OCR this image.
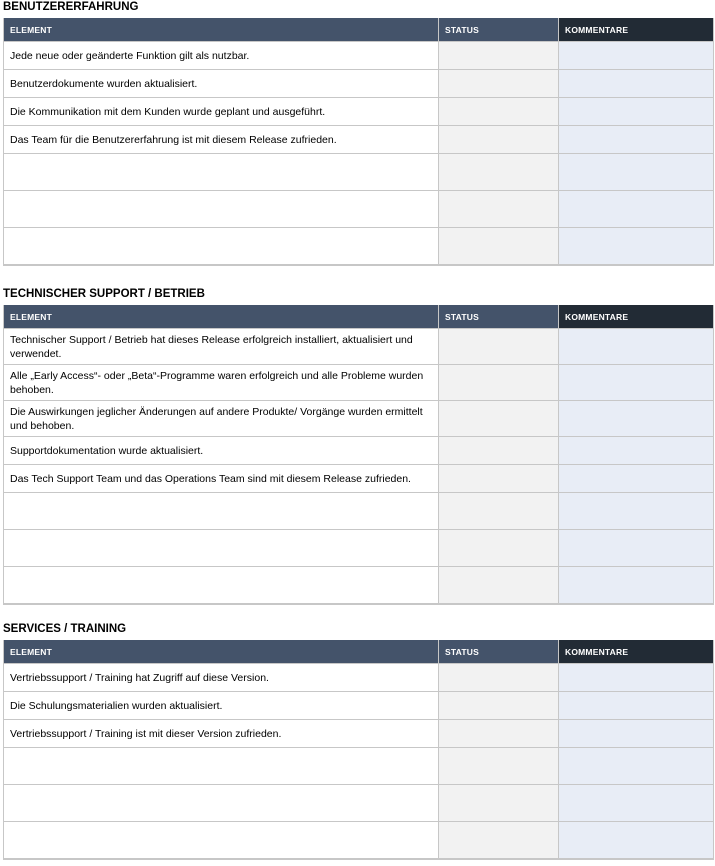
BENUTZERERFAHRUNG
ELEMENT	STATUS	KOMMENTARE
Jede neue oder geänderte Funktion gilt als nutzbar.		
Benutzerdokumente wurden aktualisiert.		
Die Kommunikation mit dem Kunden wurde geplant und ausgeführt.		
Das Team für die Benutzererfahrung ist mit diesem Release zufrieden.		

TECHNISCHER SUPPORT / BETRIEB
ELEMENT	STATUS	KOMMENTARE
Technischer Support / Betrieb hat dieses Release erfolgreich installiert, aktualisiert und verwendet.		
Alle „Early Access“- oder „Beta“-Programme waren erfolgreich und alle Probleme wurden behoben.		
Die Auswirkungen jeglicher Änderungen auf andere Produkte/ Vorgänge wurden ermittelt und behoben.		
Supportdokumentation wurde aktualisiert.		
Das Tech Support Team und das Operations Team sind mit diesem Release zufrieden.		

SERVICES / TRAINING
ELEMENT	STATUS	KOMMENTARE
Vertriebssupport / Training hat Zugriff auf diese Version.		
Die Schulungsmaterialien wurden aktualisiert.		
Vertriebssupport / Training ist mit dieser Version zufrieden.		
